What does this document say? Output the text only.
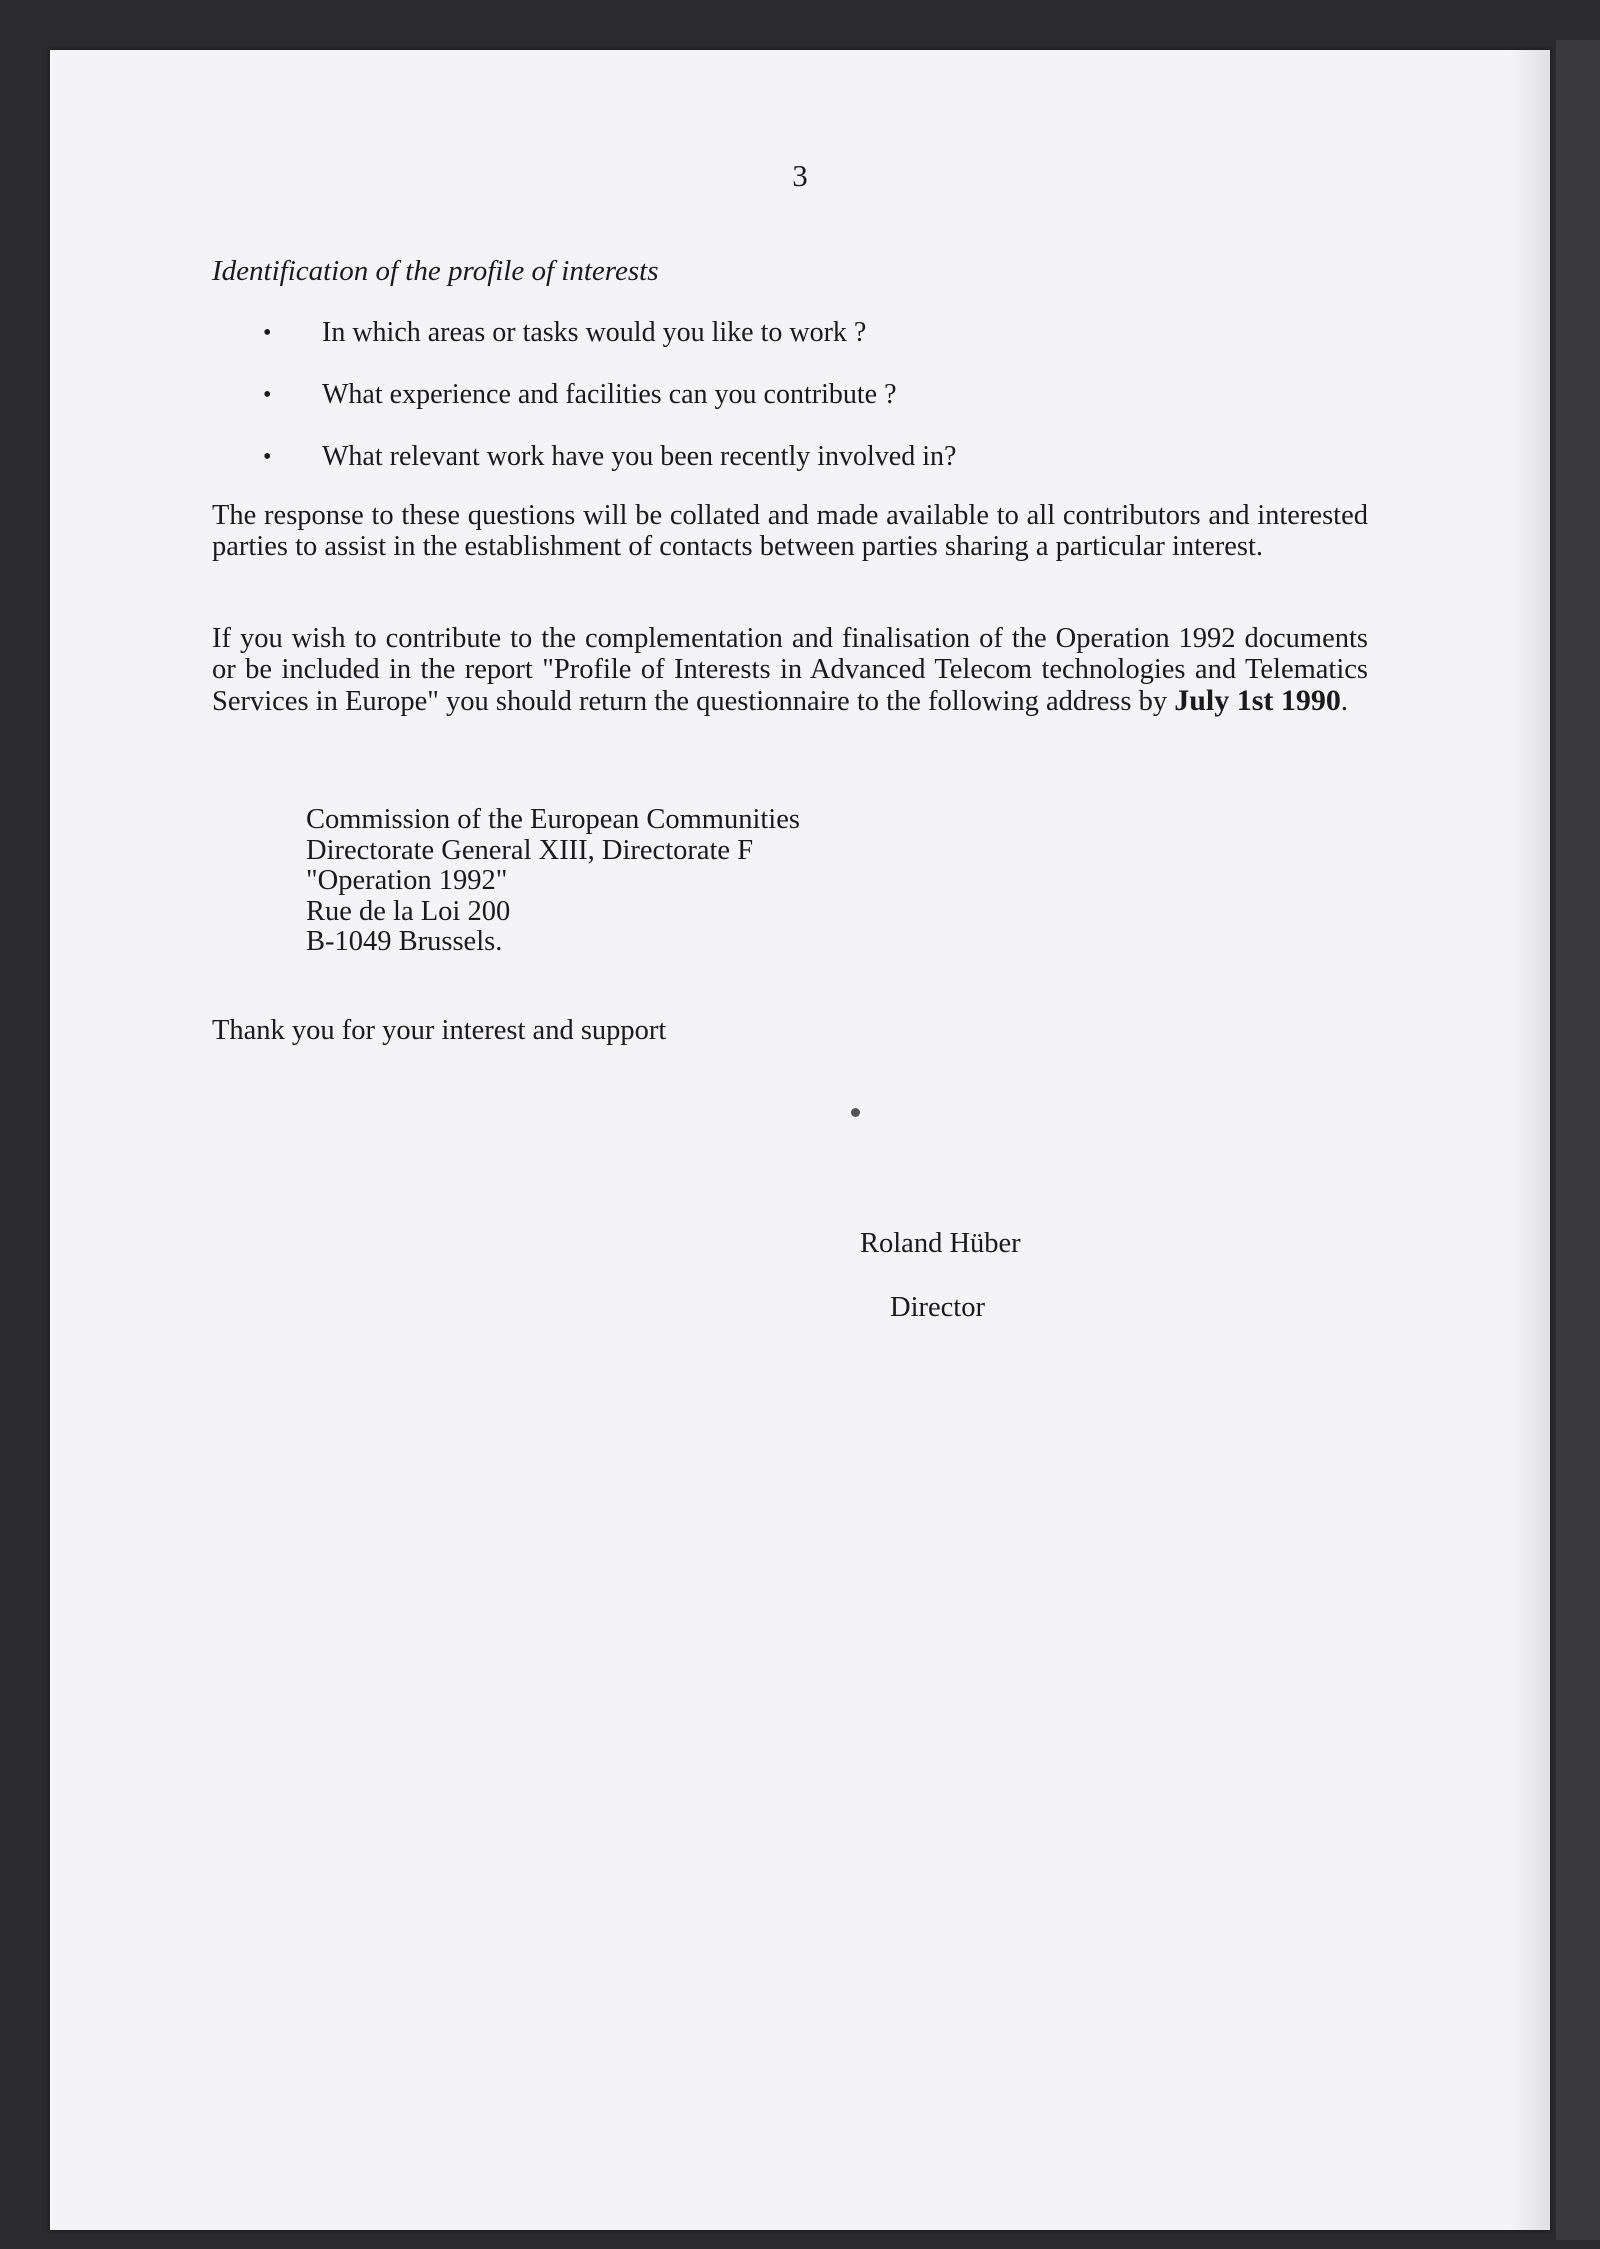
3
Identification of the profile of interests
• In which areas or tasks would you like to work ?
• What experience and facilities can you contribute ?
• What relevant work have you been recently involved in?
The response to these questions will be collated and made available to all contributors and interested parties to assist in the establishment of contacts between parties sharing a particular interest.
If you wish to contribute to the complementation and finalisation of the Operation 1992 documents or be included in the report "Profile of Interests in Advanced Telecom technologies and Telematics Services in Europe" you should return the questionnaire to the following address by July 1st 1990.
Commission of the European Communities
Directorate General XIII, Directorate F
"Operation 1992"
Rue de la Loi 200
B-1049 Brussels.
Thank you for your interest and support
Roland Hüber
Director
